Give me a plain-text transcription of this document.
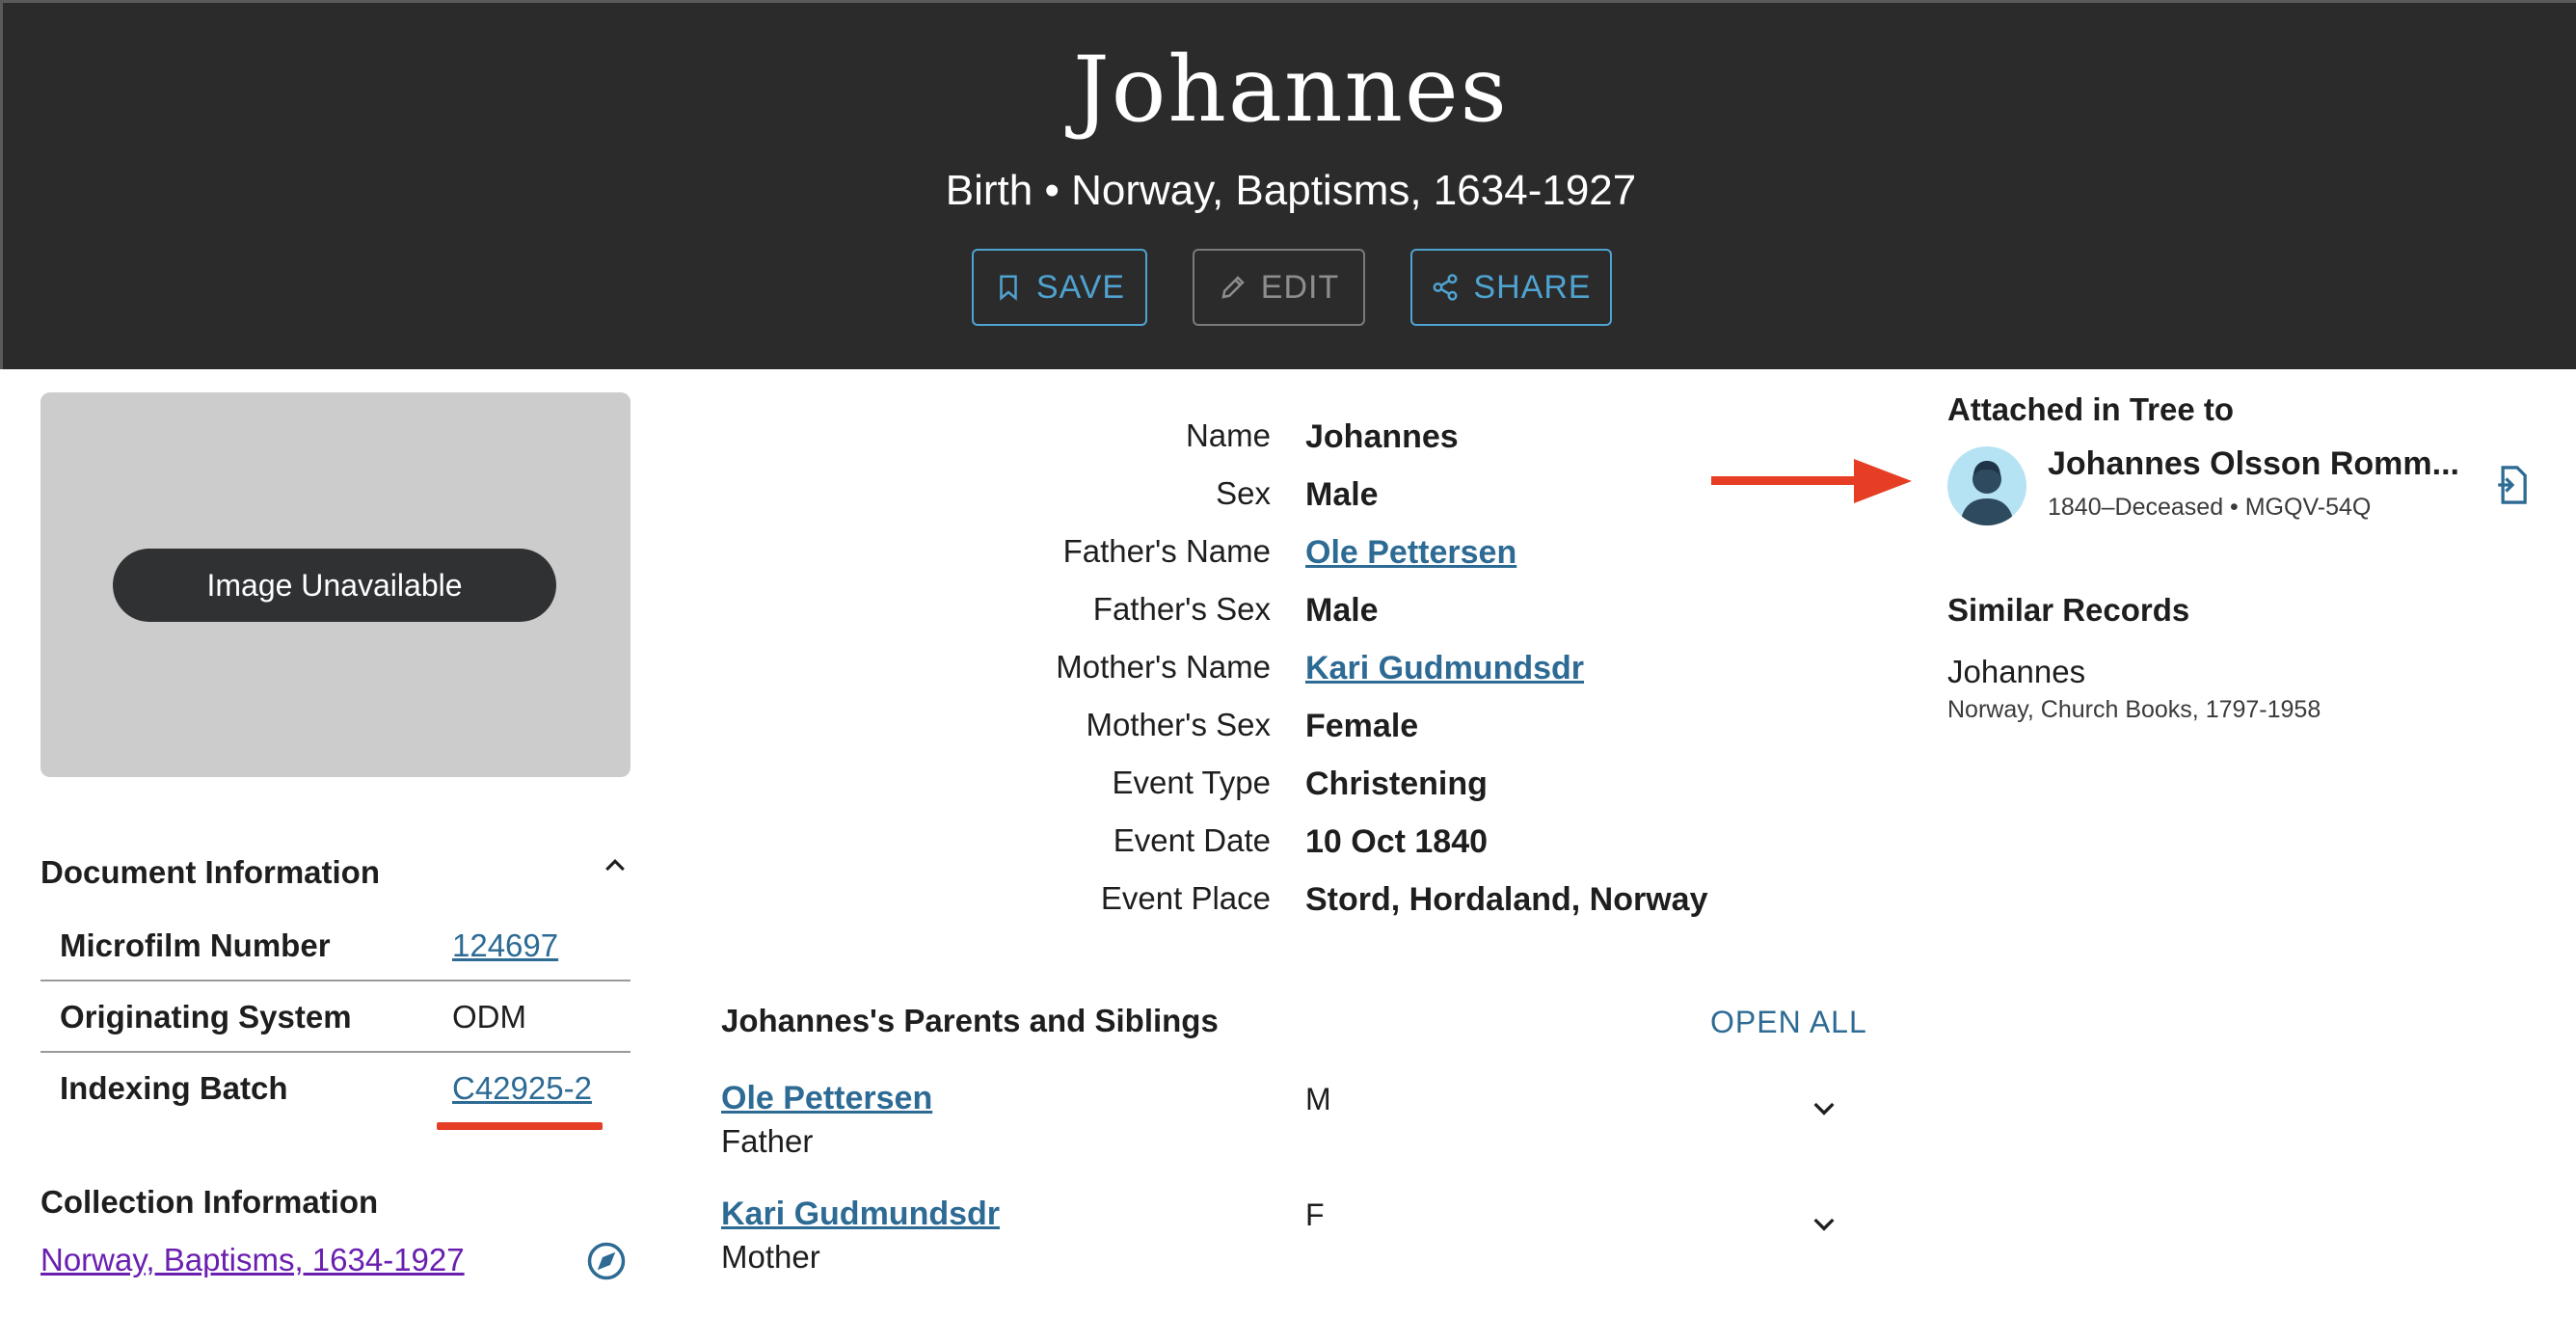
Johannes
Birth • Norway, Baptisms, 1634-1927
SAVE	EDIT	SHARE
Image Unavailable
Document Information
Microfilm Number	124697
Originating System	ODM
Indexing Batch	C42925-2
Collection Information
Norway, Baptisms, 1634-1927
Name Johannes
Sex Male
Father's Name Ole Pettersen
Father's Sex Male
Mother's Name Kari Gudmundsdr
Mother's Sex Female
Event Type Christening
Event Date 10 Oct 1840
Event Place Stord, Hordaland, Norway
Johannes's Parents and Siblings	OPEN ALL
Ole Pettersen
Father
M
Kari Gudmundsdr
Mother
F
Attached in Tree to
Johannes Olsson Romm...
1840–Deceased • MGQV-54Q
Similar Records
Johannes
Norway, Church Books, 1797-1958
